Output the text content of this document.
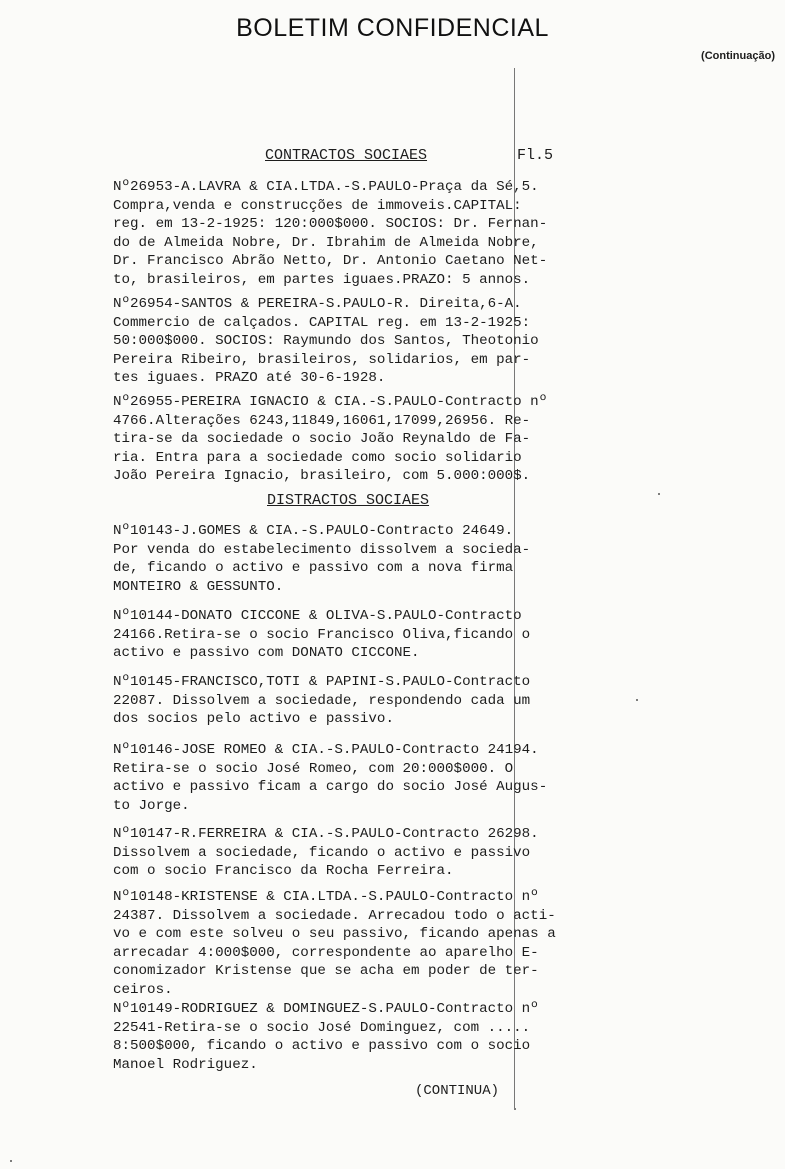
BOLETIM CONFIDENCIAL
(Continuação)
CONTRACTOS SOCIAES	Fl.5
Nº26953-A.LAVRA & CIA.LTDA.-S.PAULO-Praça da Sé,5.
Compra,venda e construcções de immoveis.CAPITAL:
reg. em 13-2-1925: 120:000$000. SOCIOS: Dr. Fernan-
do de Almeida Nobre, Dr. Ibrahim de Almeida Nobre,
Dr. Francisco Abrão Netto, Dr. Antonio Caetano Net-
to, brasileiros, em partes iguaes.PRAZO: 5 annos.
Nº26954-SANTOS & PEREIRA-S.PAULO-R. Direita,6-A.
Commercio de calçados. CAPITAL reg. em 13-2-1925:
50:000$000. SOCIOS: Raymundo dos Santos, Theotonio
Pereira Ribeiro, brasileiros, solidarios, em par-
tes iguaes. PRAZO até 30-6-1928.
Nº26955-PEREIRA IGNACIO & CIA.-S.PAULO-Contracto nº
4766.Alterações 6243,11849,16061,17099,26956. Re-
tira-se da sociedade o socio João Reynaldo de Fa-
ria. Entra para a sociedade como socio solidario
João Pereira Ignacio, brasileiro, com 5.000:000$.
DISTRACTOS SOCIAES
Nº10143-J.GOMES & CIA.-S.PAULO-Contracto 24649.
Por venda do estabelecimento dissolvem a socieda-
de, ficando o activo e passivo com a nova firma
MONTEIRO & GESSUNTO.
Nº10144-DONATO CICCONE & OLIVA-S.PAULO-Contracto
24166.Retira-se o socio Francisco Oliva,ficando o
activo e passivo com DONATO CICCONE.
Nº10145-FRANCISCO,TOTI & PAPINI-S.PAULO-Contracto
22087. Dissolvem a sociedade, respondendo cada um
dos socios pelo activo e passivo.
Nº10146-JOSE ROMEO & CIA.-S.PAULO-Contracto 24194.
Retira-se o socio José Romeo, com 20:000$000. O
activo e passivo ficam a cargo do socio José Augus-
to Jorge.
Nº10147-R.FERREIRA & CIA.-S.PAULO-Contracto 26298.
Dissolvem a sociedade, ficando o activo e passivo
com o socio Francisco da Rocha Ferreira.
Nº10148-KRISTENSE & CIA.LTDA.-S.PAULO-Contracto nº
24387. Dissolvem a sociedade. Arrecadou todo o acti-
vo e com este solveu o seu passivo, ficando apenas a
arrecadar 4:000$000, correspondente ao aparelho E-
conomizador Kristense que se acha em poder de ter-
ceiros.
Nº10149-RODRIGUEZ & DOMINGUEZ-S.PAULO-Contracto nº
22541-Retira-se o socio José Dominguez, com .....
8:500$000, ficando o activo e passivo com o socio
Manoel Rodriguez.
(CONTINUA)
